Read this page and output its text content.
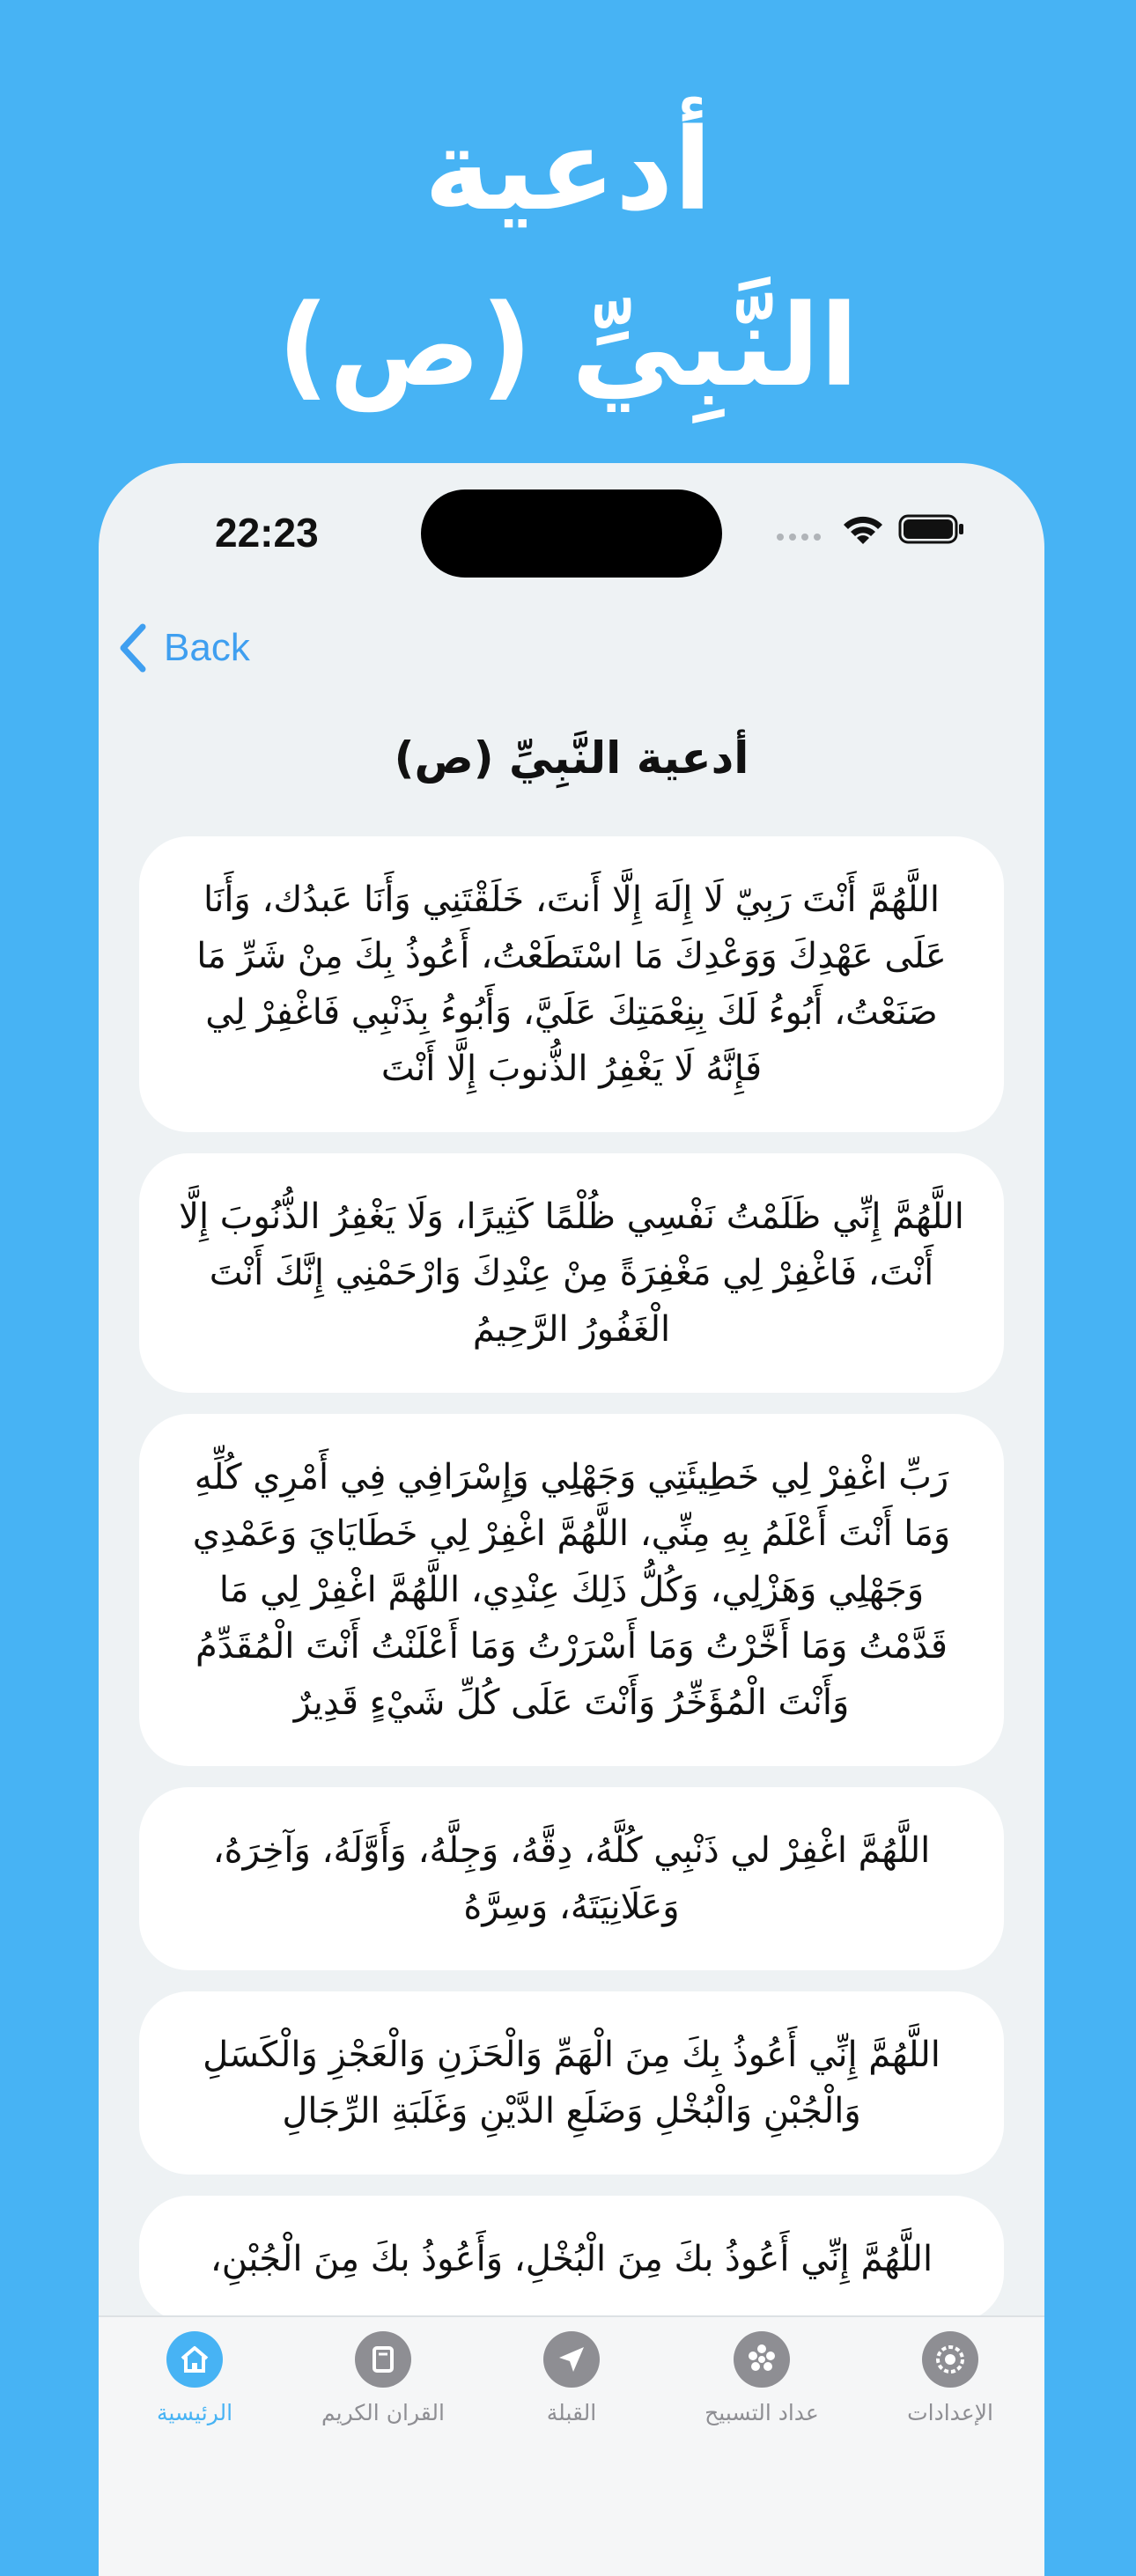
أدعية
النَّبِيِّ (ص)
22:23
Back
أدعية النَّبِيِّ (ص)
اللَّهُمَّ أَنْتَ رَبِيّ لَا إِلَهَ إِلَّا أَنتَ، خَلَقْتَنِي وَأَنَا عَبدُك، وَأَنَا عَلَى عَهْدِكَ وَوَعْدِكَ مَا اسْتَطَعْتُ، أَعُوذُ بِكَ مِنْ شَرِّ مَا صَنَعْتُ، أَبُوءُ لَكَ بِنِعْمَتِكَ عَلَيَّ، وَأَبُوءُ بِذَنْبِي فَاغْفِرْ لِي فَإِنَّهُ لَا يَغْفِرُ الذُّنوبَ إِلَّا أَنْتَ
اللَّهُمَّ إِنِّي ظَلَمْتُ نَفْسِي ظُلْمًا كَثِيرًا، وَلَا يَغْفِرُ الذُّنُوبَ إِلَّا أَنْتَ، فَاغْفِرْ لِي مَغْفِرَةً مِنْ عِنْدِكَ وَارْحَمْنِي إِنَّكَ أَنْتَ الْغَفُورُ الرَّحِيمُ
رَبِّ اغْفِرْ لِي خَطِيئَتِي وَجَهْلِي وَإِسْرَافِي فِي أَمْرِي كُلِّهِ وَمَا أَنْتَ أَعْلَمُ بِهِ مِنِّي، اللَّهُمَّ اغْفِرْ لِي خَطَايَايَ وَعَمْدِي وَجَهْلِي وَهَزْلِي، وَكُلُّ ذَلِكَ عِنْدِي، اللَّهُمَّ اغْفِرْ لِي مَا قَدَّمْتُ وَمَا أَخَّرْتُ وَمَا أَسْرَرْتُ وَمَا أَعْلَنْتُ أَنْتَ الْمُقَدِّمُ وَأَنْتَ الْمُؤَخِّرُ وَأَنْتَ عَلَى كُلِّ شَيْءٍ قَدِيرٌ
اللَّهُمَّ اغْفِرْ لي ذَنْبِي كُلَّهُ، دِقَّهُ، وَجِلَّهُ، وَأَوَّلَهُ، وَآخِرَهُ، وَعَلَانِيَتَهُ، وَسِرَّهُ
اللَّهُمَّ إِنِّي أَعُوذُ بِكَ مِنَ الْهَمِّ وَالْحَزَنِ وَالْعَجْزِ وَالْكَسَلِ وَالْجُبْنِ وَالْبُخْلِ وَضَلَعِ الدَّيْنِ وَغَلَبَةِ الرِّجَالِ
اللَّهُمَّ إِنِّي أَعُوذُ بكَ مِنَ الْبُخْلِ، وَأَعُوذُ بكَ مِنَ الْجُبْنِ،
الإعدادات
عداد التسبيح
القبلة
القران الكريم
الرئيسية
